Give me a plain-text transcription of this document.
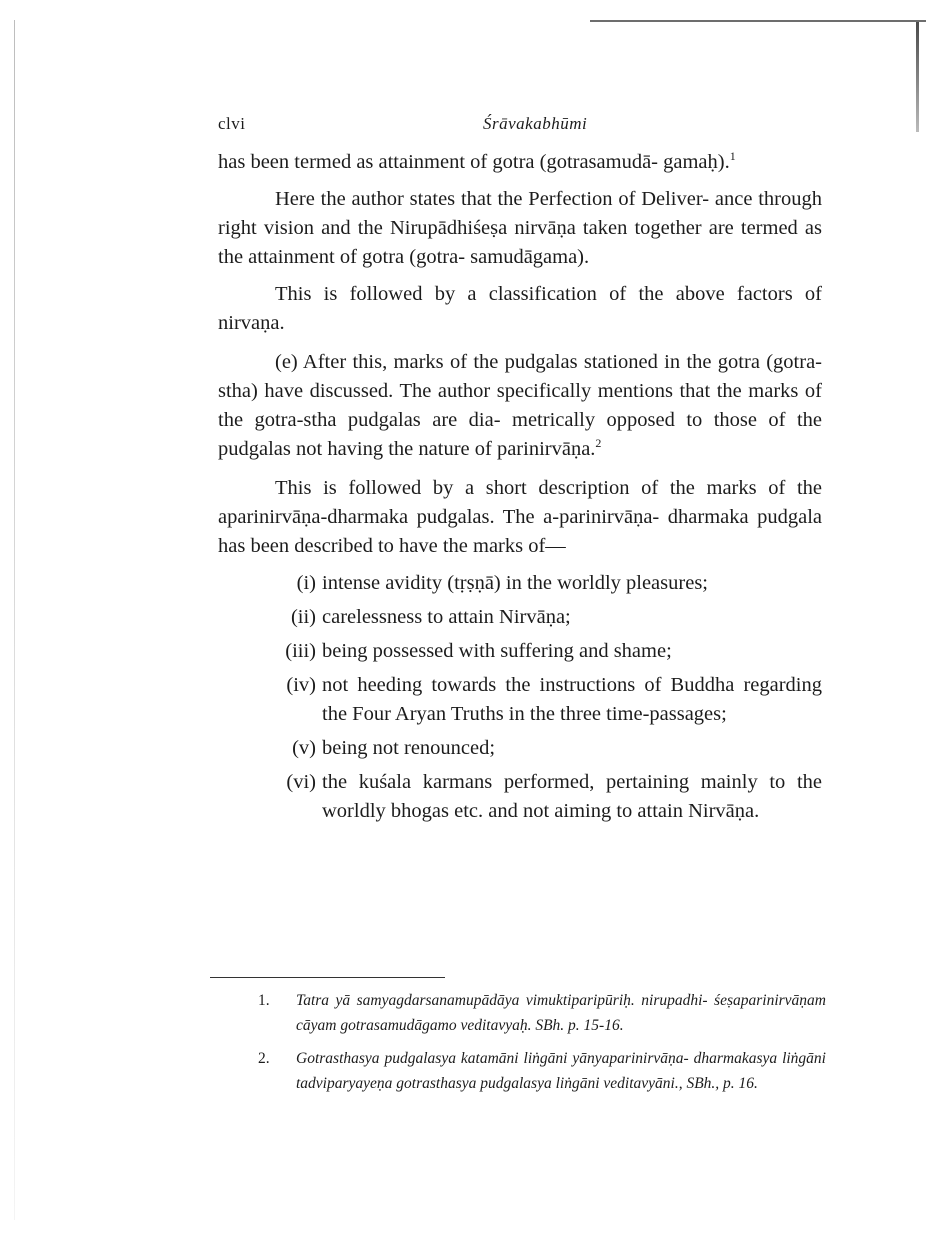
clvi	Śrāvakabhūmi

has been termed as attainment of gotra (gotrasamudā- gamaḥ).$^1$

Here the author states that the Perfection of Deliver- ance through right vision and the Nirupādhiśeṣa nirvāṇa taken together are termed as the attainment of gotra (gotra- samudāgama).

This is followed by a classification of the above factors of nirvaṇa.

(e) After this, marks of the pudgalas stationed in the gotra (gotra-stha) have discussed. The author specifically mentions that the marks of the gotra-stha pudgalas are dia- metrically opposed to those of the pudgalas not having the nature of parinirvāṇa.$^2$

This is followed by a short description of the marks of the aparinirvāṇa-dharmaka pudgalas. The a-parinirvāṇa- dharmaka pudgala has been described to have the marks of—

(i) intense avidity (tṛṣṇā) in the worldly pleasures;
(ii) carelessness to attain Nirvāṇa;
(iii) being possessed with suffering and shame;
(iv) not heeding towards the instructions of Buddha regarding the Four Aryan Truths in the three time-passages;
(v) being not renounced;
(vi) the kuśala karmans performed, pertaining mainly to the worldly bhogas etc. and not aiming to attain Nirvāṇa.
1.	Tatra yā samyagdarsanamupādāya vimuktiparipūriḥ. nirupadhi- śeṣaparinirvāṇam cāyam gotrasamudāgamo veditavyaḥ. SBh. p. 15-16.
2.	Gotrasthasya pudgalasya katamāni liṅgāni yānyaparinirvāṇa- dharmakasya liṅgāni tadviparyayeṇa gotrasthasya pudgalasya liṅgāni veditavyāni., SBh., p. 16.
